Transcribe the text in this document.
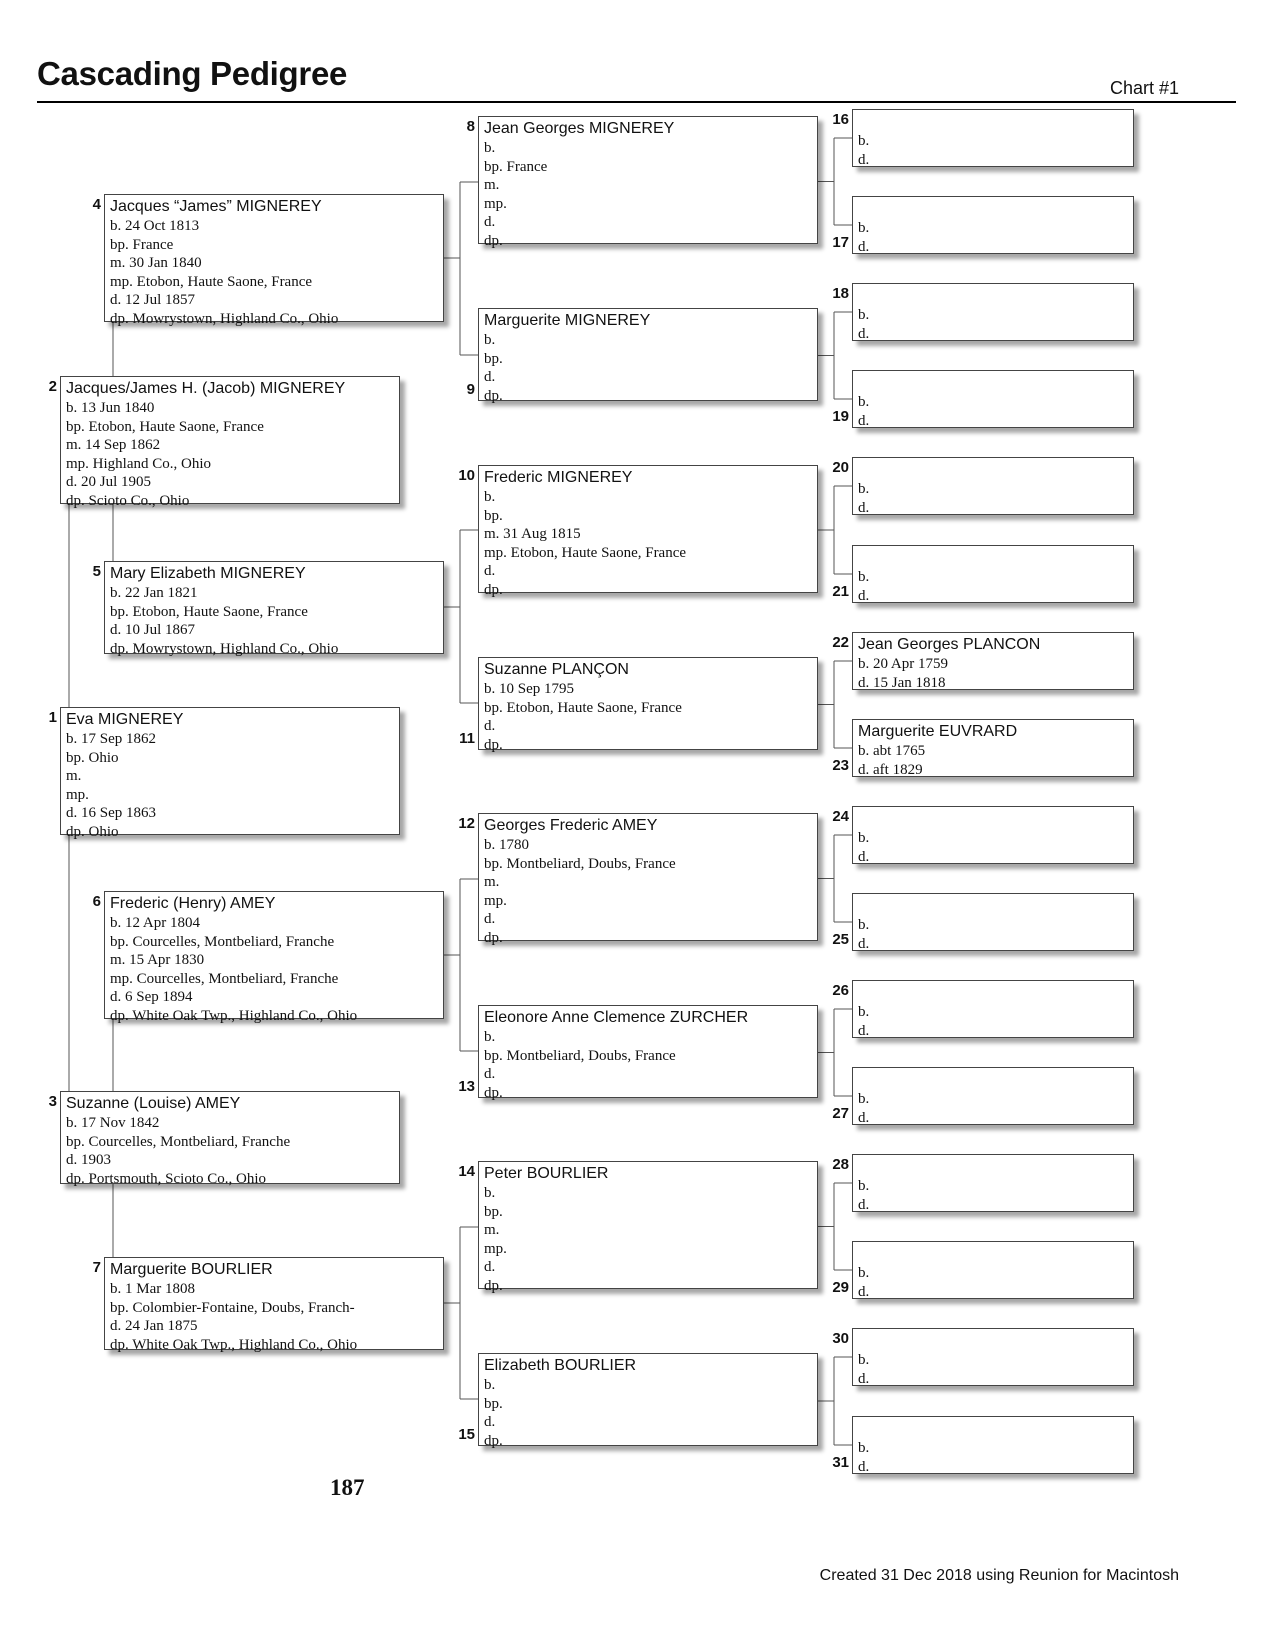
Cascading Pedigree	Chart #1
Eva MIGNEREY
b. 17 Sep 1862
bp. Ohio
m.
mp.
d. 16 Sep 1863
dp. Ohio
1
Jacques/James H. (Jacob) MIGNEREY
b. 13 Jun 1840
bp. Etobon, Haute Saone, France
m. 14 Sep 1862
mp. Highland Co., Ohio
d. 20 Jul 1905
dp. Scioto Co., Ohio
2
Suzanne (Louise) AMEY
b. 17 Nov 1842
bp. Courcelles, Montbeliard, Franche
d. 1903
dp. Portsmouth, Scioto Co., Ohio
3
Jacques “James” MIGNEREY
b. 24 Oct 1813
bp. France
m. 30 Jan 1840
mp. Etobon, Haute Saone, France
d. 12 Jul 1857
dp. Mowrystown, Highland Co., Ohio
4
Mary Elizabeth MIGNEREY
b. 22 Jan 1821
bp. Etobon, Haute Saone, France
d. 10 Jul 1867
dp. Mowrystown, Highland Co., Ohio
5
Frederic (Henry) AMEY
b. 12 Apr 1804
bp. Courcelles, Montbeliard, Franche
m. 15 Apr 1830
mp. Courcelles, Montbeliard, Franche
d. 6 Sep 1894
dp. White Oak Twp., Highland Co., Ohio
6
Marguerite BOURLIER
b. 1 Mar 1808
bp. Colombier-Fontaine, Doubs, Franch-
d. 24 Jan 1875
dp. White Oak Twp., Highland Co., Ohio
7
Jean Georges MIGNEREY
b.
bp. France
m.
mp.
d.
dp.
8
Marguerite MIGNEREY
b.
bp.
d.
dp.
9
Frederic MIGNEREY
b.
bp.
m. 31 Aug 1815
mp. Etobon, Haute Saone, France
d.
dp.
10
Suzanne PLANÇON
b. 10 Sep 1795
bp. Etobon, Haute Saone, France
d.
dp.
11
Georges Frederic AMEY
b. 1780
bp. Montbeliard, Doubs, France
m.
mp.
d.
dp.
12
Eleonore Anne Clemence ZURCHER
b.
bp. Montbeliard, Doubs, France
d.
dp.
13
Peter BOURLIER
b.
bp.
m.
mp.
d.
dp.
14
Elizabeth BOURLIER
b.
bp.
d.
dp.
15
b.
d.
16
b.
d.
17
b.
d.
18
b.
d.
19
b.
d.
20
b.
d.
21
Jean Georges PLANCON
b. 20 Apr 1759
d. 15 Jan 1818
22
Marguerite EUVRARD
b. abt 1765
d. aft 1829
23
b.
d.
24
b.
d.
25
b.
d.
26
b.
d.
27
b.
d.
28
b.
d.
29
b.
d.
30
b.
d.
31
187
Created 31 Dec 2018 using Reunion for Macintosh
